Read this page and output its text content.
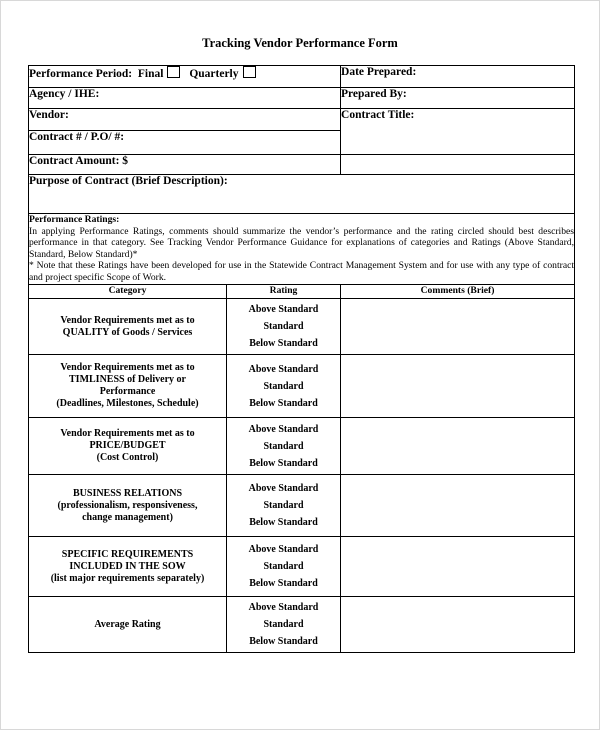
Tracking Vendor Performance Form
Performance Period: Final Quarterly		Date Prepared:
Agency / IHE:		Prepared By:
Vendor:		Contract Title:
Contract # / P.O/ #:		
Contract Amount: $		
Purpose of Contract (Brief Description):		

Performance Ratings:
In applying Performance Ratings, comments should summarize the vendor’s performance and the rating circled should best describes performance in that category. See Tracking Vendor Performance Guidance for explanations of categories and Ratings (Above Standard, Standard, Below Standard)*
* Note that these Ratings have been developed for use in the Statewide Contract Management System and for use with any type of contract and project specific Scope of Work.		

Category	Rating	Comments (Brief)

Vendor Requirements met as to
QUALITY of Goods / Services	Above Standard
Standard
Below Standard	

Vendor Requirements met as to
TIMLINESS of Delivery or
Performance
(Deadlines, Milestones, Schedule)	Above Standard
Standard
Below Standard	

Vendor Requirements met as to
PRICE/BUDGET
(Cost Control)	Above Standard
Standard
Below Standard	

BUSINESS RELATIONS
(professionalism, responsiveness,
change management)	Above Standard
Standard
Below Standard	

SPECIFIC REQUIREMENTS
INCLUDED IN THE SOW
(list major requirements separately)	Above Standard
Standard
Below Standard	

Average Rating	Above Standard
Standard
Below Standard	
